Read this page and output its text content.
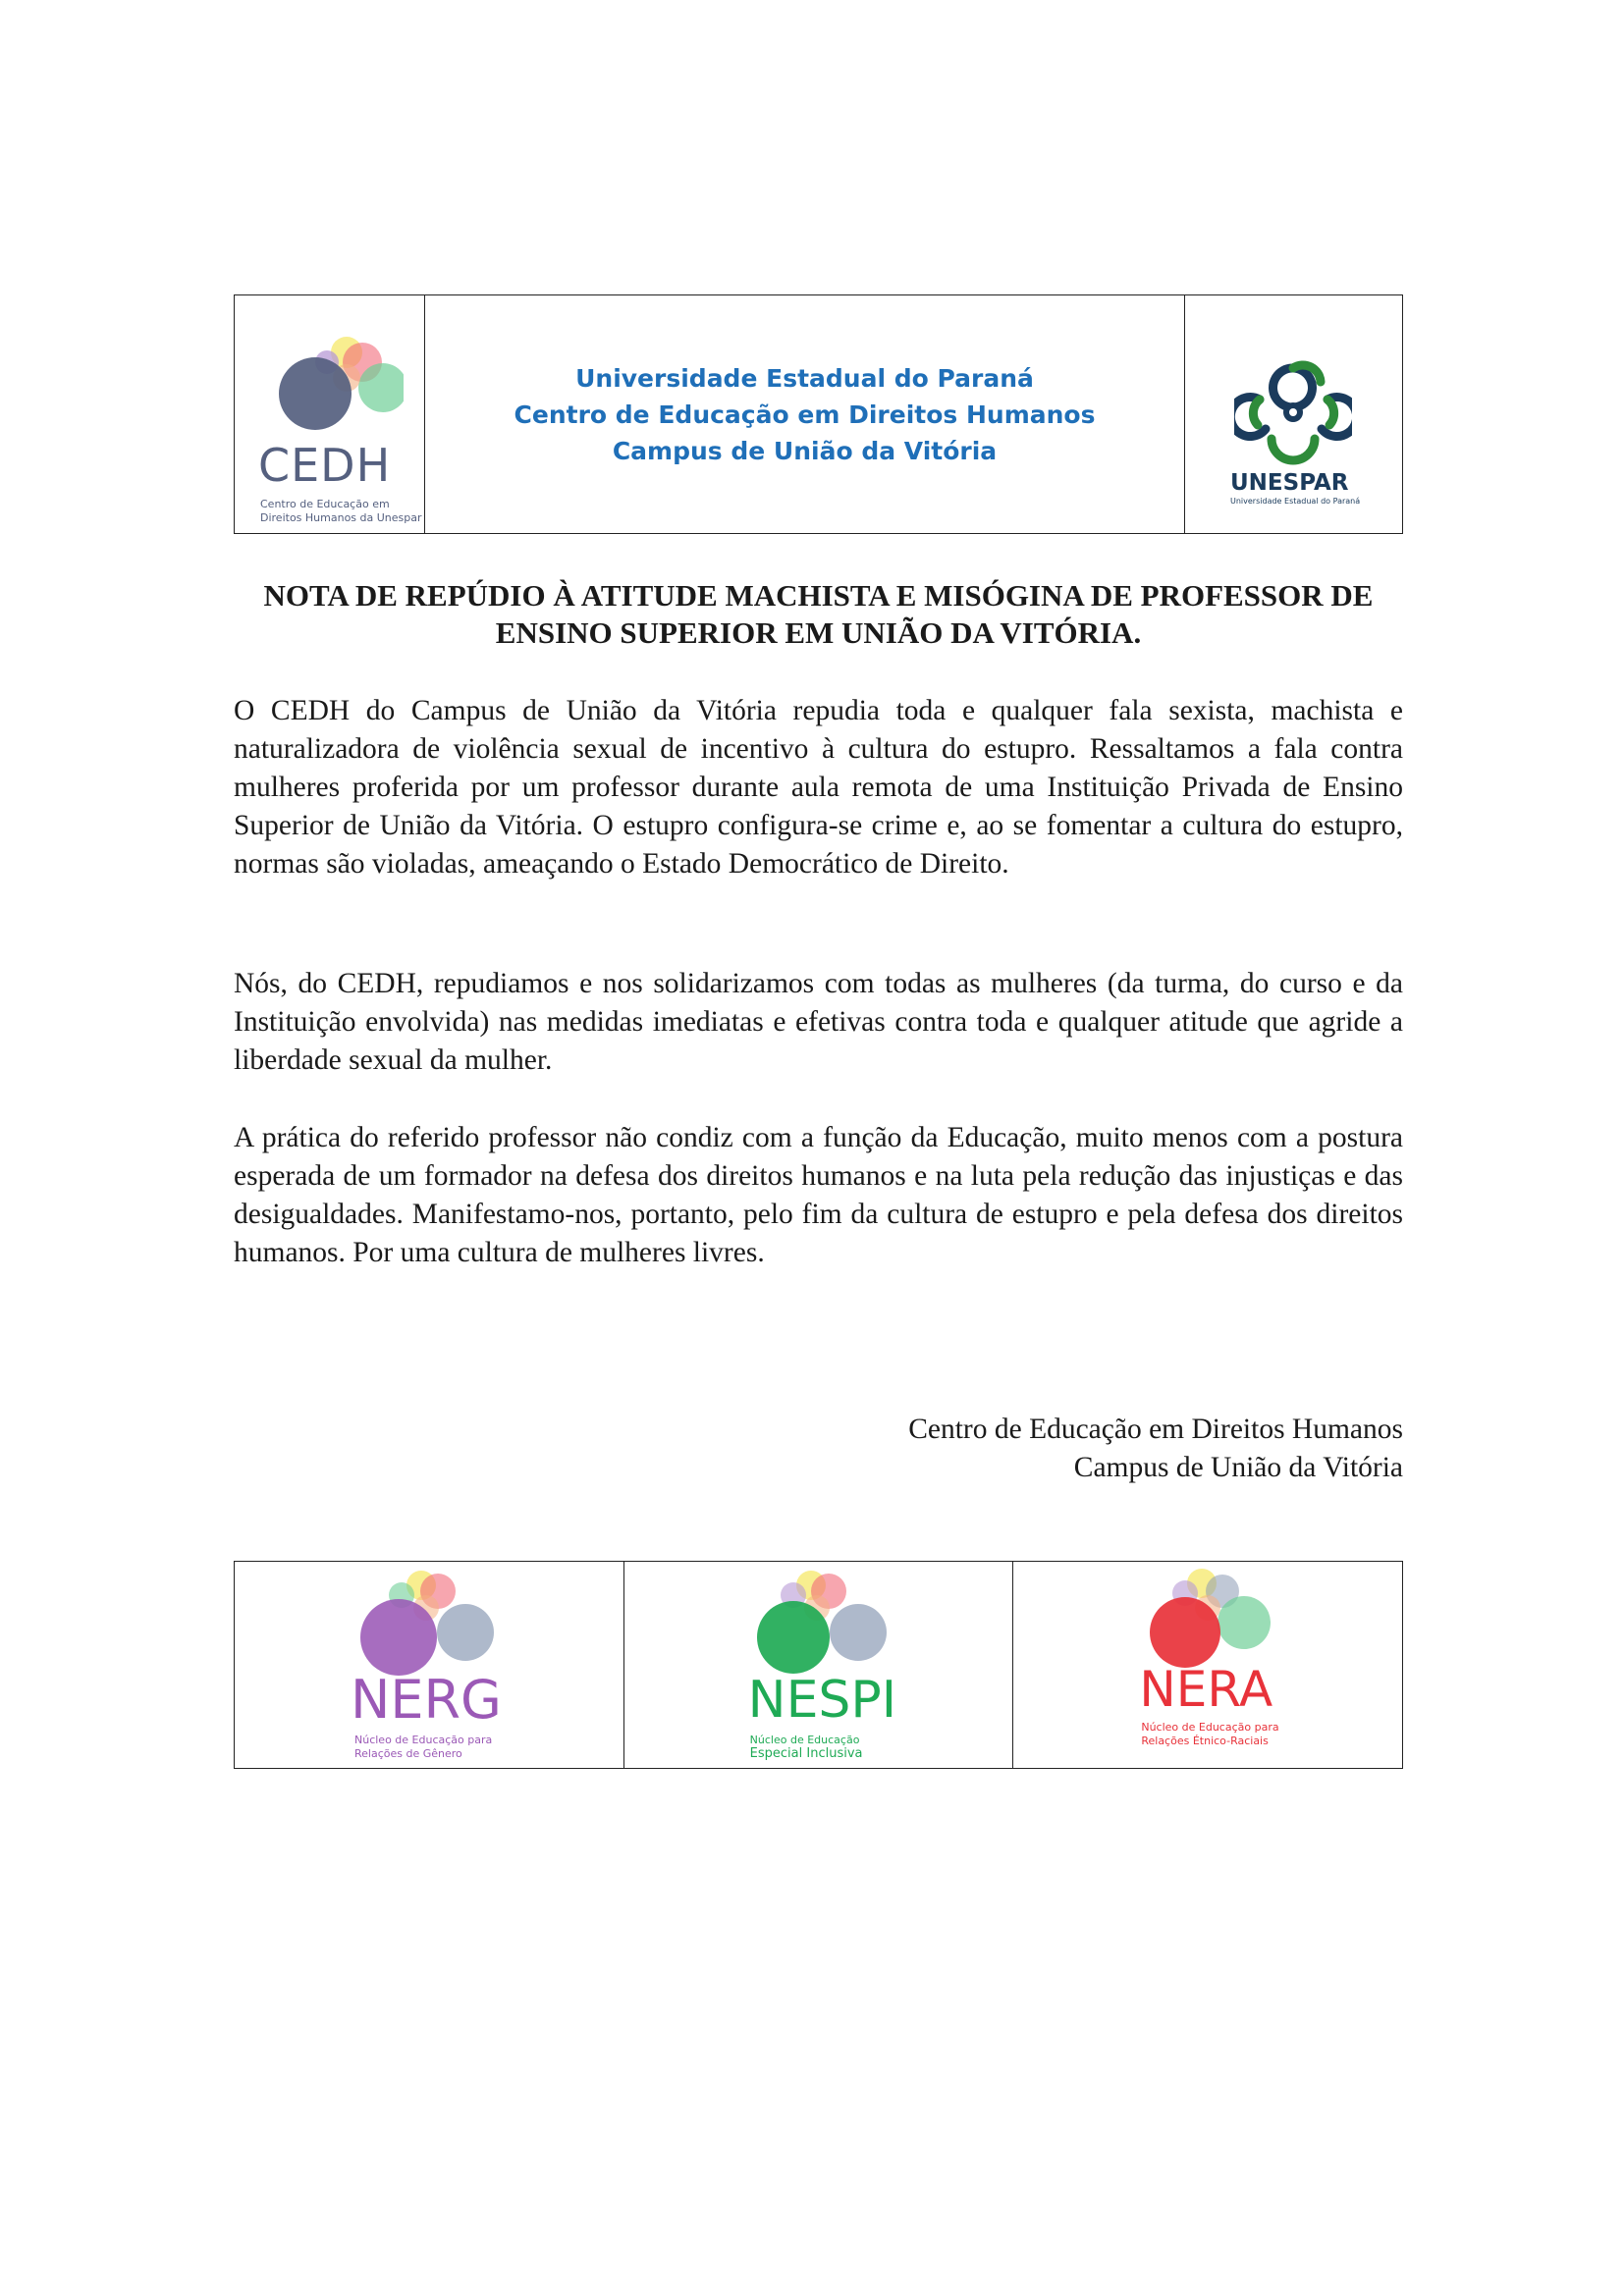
CEDH
Centro de Educação em
Direitos Humanos da Unespar
Universidade Estadual do Paraná
Centro de Educação em Direitos Humanos
Campus de União da Vitória
UNESPAR
Universidade Estadual do Paraná
NOTA DE REPÚDIO À ATITUDE MACHISTA E MISÓGINA DE PROFESSOR DE ENSINO SUPERIOR EM UNIÃO DA VITÓRIA.

O CEDH do Campus de União da Vitória repudia toda e qualquer fala sexista, machista e naturalizadora de violência sexual de incentivo à cultura do estupro. Ressaltamos a fala contra mulheres proferida por um professor durante aula remota de uma Instituição Privada de Ensino Superior de União da Vitória. O estupro configura-se crime e, ao se fomentar a cultura do estupro, normas são violadas, ameaçando o Estado Democrático de Direito.

Nós, do CEDH, repudiamos e nos solidarizamos com todas as mulheres (da turma, do curso e da Instituição envolvida) nas medidas imediatas e efetivas contra toda e qualquer atitude que agride a liberdade sexual da mulher.

A prática do referido professor não condiz com a função da Educação, muito menos com a postura esperada de um formador na defesa dos direitos humanos e na luta pela redução das injustiças e das desigualdades. Manifestamo-nos, portanto, pelo fim da cultura de estupro e pela defesa dos direitos humanos. Por uma cultura de mulheres livres.

Centro de Educação em Direitos Humanos
Campus de União da Vitória
NERG
Núcleo de Educação para
Relações de Gênero
NESPI
Núcleo de Educação
Especial Inclusiva
NERA
Núcleo de Educação para
Relações Étnico-Raciais
